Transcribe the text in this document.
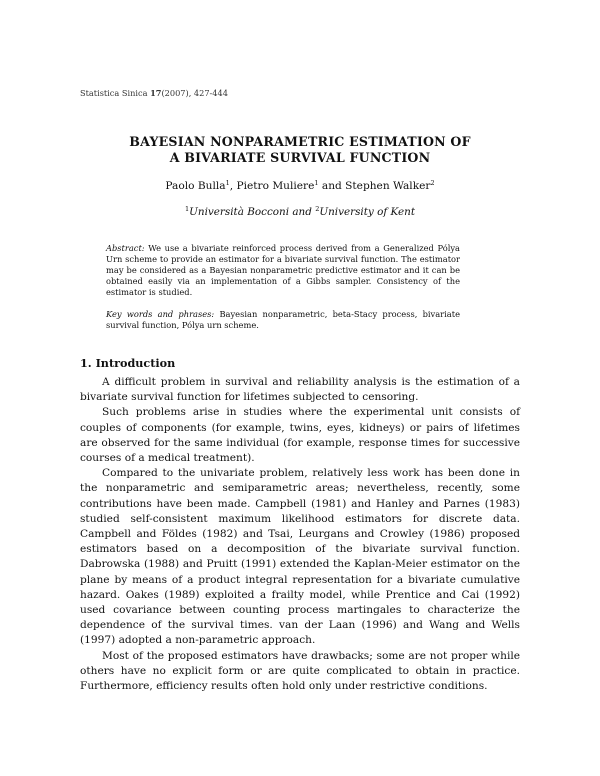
Statistica Sinica 17(2007), 427-444
BAYESIAN NONPARAMETRIC ESTIMATION OF
A BIVARIATE SURVIVAL FUNCTION
Paolo Bulla$^1$, Pietro Muliere$^1$ and Stephen Walker$^2$
$^1$Università Bocconi and $^2$University of Kent
Abstract: We use a bivariate reinforced process derived from a Generalized Pólya Urn scheme to provide an estimator for a bivariate survival function. The estimator may be considered as a Bayesian nonparametric predictive estimator and it can be obtained easily via an implementation of a Gibbs sampler. Consistency of the estimator is studied.
Key words and phrases: Bayesian nonparametric, beta-Stacy process, bivariate survival function, Pólya urn scheme.
1. Introduction

A difficult problem in survival and reliability analysis is the estimation of a bivariate survival function for lifetimes subjected to censoring.

Such problems arise in studies where the experimental unit consists of couples of components (for example, twins, eyes, kidneys) or pairs of lifetimes are observed for the same individual (for example, response times for successive courses of a medical treatment).

Compared to the univariate problem, relatively less work has been done in the nonparametric and semiparametric areas; nevertheless, recently, some contributions have been made. Campbell (1981) and Hanley and Parnes (1983) studied self-consistent maximum likelihood estimators for discrete data. Campbell and Földes (1982) and Tsai, Leurgans and Crowley (1986) proposed estimators based on a decomposition of the bivariate survival function. Dabrowska (1988) and Pruitt (1991) extended the Kaplan-Meier estimator on the plane by means of a product integral representation for a bivariate cumulative hazard. Oakes (1989) exploited a frailty model, while Prentice and Cai (1992) used covariance between counting process martingales to characterize the dependence of the survival times. van der Laan (1996) and Wang and Wells (1997) adopted a non-parametric approach.

Most of the proposed estimators have drawbacks; some are not proper while others have no explicit form or are quite complicated to obtain in practice. Furthermore, efficiency results often hold only under restrictive conditions.
